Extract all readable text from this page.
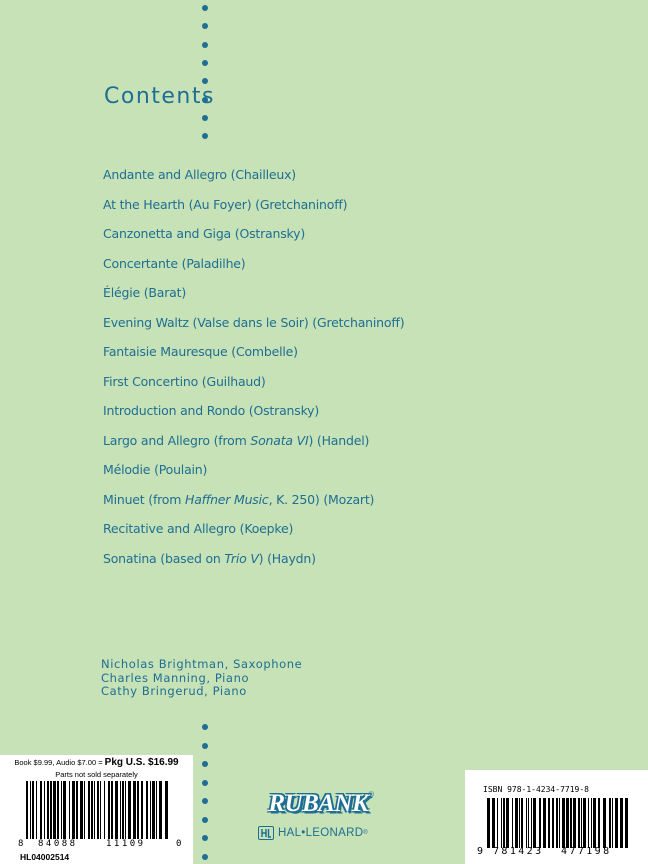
Contents
Andante and Allegro (Chailleux)
At the Hearth (Au Foyer) (Gretchaninoff)
Canzonetta and Giga (Ostransky)
Concertante (Paladilhe)
Élégie (Barat)
Evening Waltz (Valse dans le Soir) (Gretchaninoff)
Fantaisie Mauresque (Combelle)
First Concertino (Guilhaud)
Introduction and Rondo (Ostransky)
Largo and Allegro (from Sonata VI) (Handel)
Mélodie (Poulain)
Minuet (from Haffner Music, K. 250) (Mozart)
Recitative and Allegro (Koepke)
Sonatina (based on Trio V) (Haydn)
Nicholas Brightman, Saxophone
Charles Manning, Piano
Cathy Bringerud, Piano
Book $9.99, Audio $7.00 = Pkg U.S. $16.99
Parts not sold separately
8 84088	11109	0
HL04002514
RUBANK®
HAL•LEONARD ®
ISBN 978-1-4234-7719-8
9 781423 477198
